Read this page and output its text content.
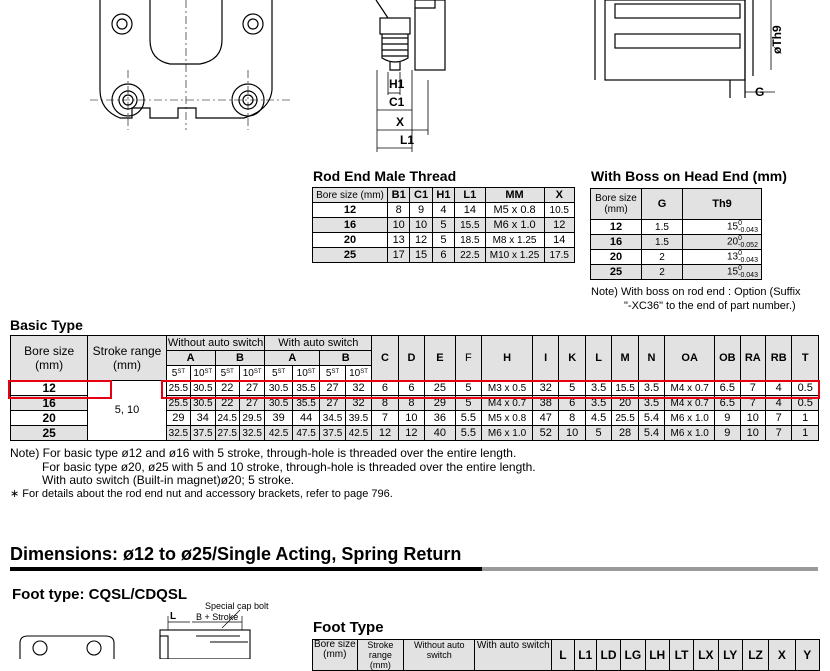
H1
C1
X
L1
G
øTh9
Rod End Male Thread
Bore size (mm)	B1	C1	H1	L1	MM	X
12	8	9	4	14	M5 x 0.8	10.5
16	10	10	5	15.5	M6 x 1.0	12
20	13	12	5	18.5	M8 x 1.25	14
25	17	15	6	22.5	M10 x 1.25	17.5
With Boss on Head End (mm)
Bore size (mm)	G	Th9
12	1.5	150
-0.043
16	1.5	200
-0.052
20	2	130
-0.043
25	2	150
-0.043
Note) With boss on rod end : Option (Suffix
"-XC36" to the end of part number.)
Basic Type
Bore size (mm)	Stroke range (mm)	Without auto switch				With auto switch				C	D	E	F	H	I	K	L	M	N	OA	OB	RA	RB	T
		A		B		A		B																
		5ST	10ST	5ST	10ST	5ST	10ST	5ST	10ST
12	5, 10	25.5	30.5	22	27	30.5	35.5	27	32	6	6	25	5	M3 x 0.5	32	5	3.5	15.5	3.5	M4 x 0.7	6.5	7	4	0.5
16		25.5	30.5	22	27	30.5	35.5	27	32	8	8	29	5	M4 x 0.7	38	6	3.5	20	3.5	M4 x 0.7	6.5	7	4	0.5
20		29	34	24.5	29.5	39	44	34.5	39.5	7	10	36	5.5	M5 x 0.8	47	8	4.5	25.5	5.4	M6 x 1.0	9	10	7	1
25		32.5	37.5	27.5	32.5	42.5	47.5	37.5	42.5	12	12	40	5.5	M6 x 1.0	52	10	5	28	5.4	M6 x 1.0	9	10	7	1
Note) For basic type ø12 and ø16 with 5 stroke, through-hole is threaded over the entire length.
For basic type ø20, ø25 with 5 and 10 stroke, through-hole is threaded over the entire length.
With auto switch (Built-in magnet)ø20; 5 stroke.
∗ For details about the rod end nut and accessory brackets, refer to page 796.
Dimensions: ø12 to ø25/Single Acting, Spring Return
Foot type: CQSL/CDQSL
Special cap bolt
L B + Stroke
Foot Type
Bore size
(mm)	Stroke range
(mm)	Without auto switch	With auto switch	L	L1	LD	LG	LH	LT	LX	LY	LZ	X	Y
